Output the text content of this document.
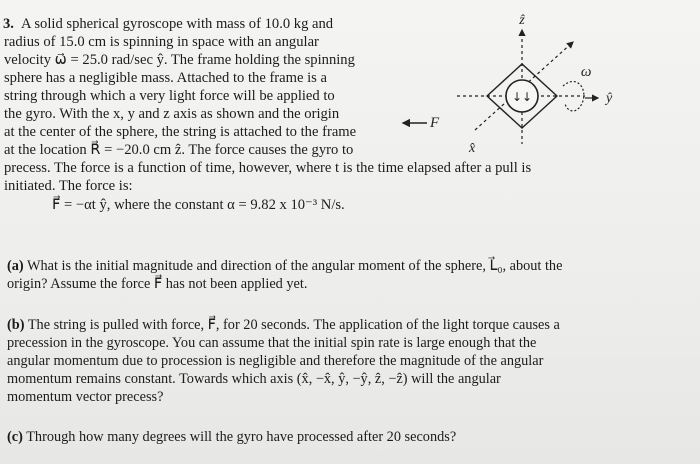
3. A solid spherical gyroscope with mass of 10.0 kg and
radius of 15.0 cm is spinning in space with an angular
velocity ω⃗ = 25.0 rad/sec ŷ. The frame holding the spinning
sphere has a negligible mass. Attached to the frame is a
string through which a very light force will be applied to
the gyro. With the x, y and z axis as shown and the origin
at the center of the sphere, the string is attached to the frame
at the location R⃗ = −20.0 cm ẑ. The force causes the gyro to
precess. The force is a function of time, however, where t is the time elapsed after a pull is
initiated. The force is:
F⃗ = −αt ŷ, where the constant α = 9.82 x 10⁻³ N/s.
↓↓
ẑ
ω⃗
ŷ
F⃗
x̂
(a) What is the initial magnitude and direction of the angular moment of the sphere, L⃗₀, about the
origin? Assume the force F⃗ has not been applied yet.
(b) The string is pulled with force, F⃗, for 20 seconds. The application of the light torque causes a
precession in the gyroscope. You can assume that the initial spin rate is large enough that the
angular momentum due to procession is negligible and therefore the magnitude of the angular
momentum remains constant. Towards which axis (x̂, −x̂, ŷ, −ŷ, ẑ, −ẑ) will the angular
momentum vector precess?
(c) Through how many degrees will the gyro have processed after 20 seconds?
